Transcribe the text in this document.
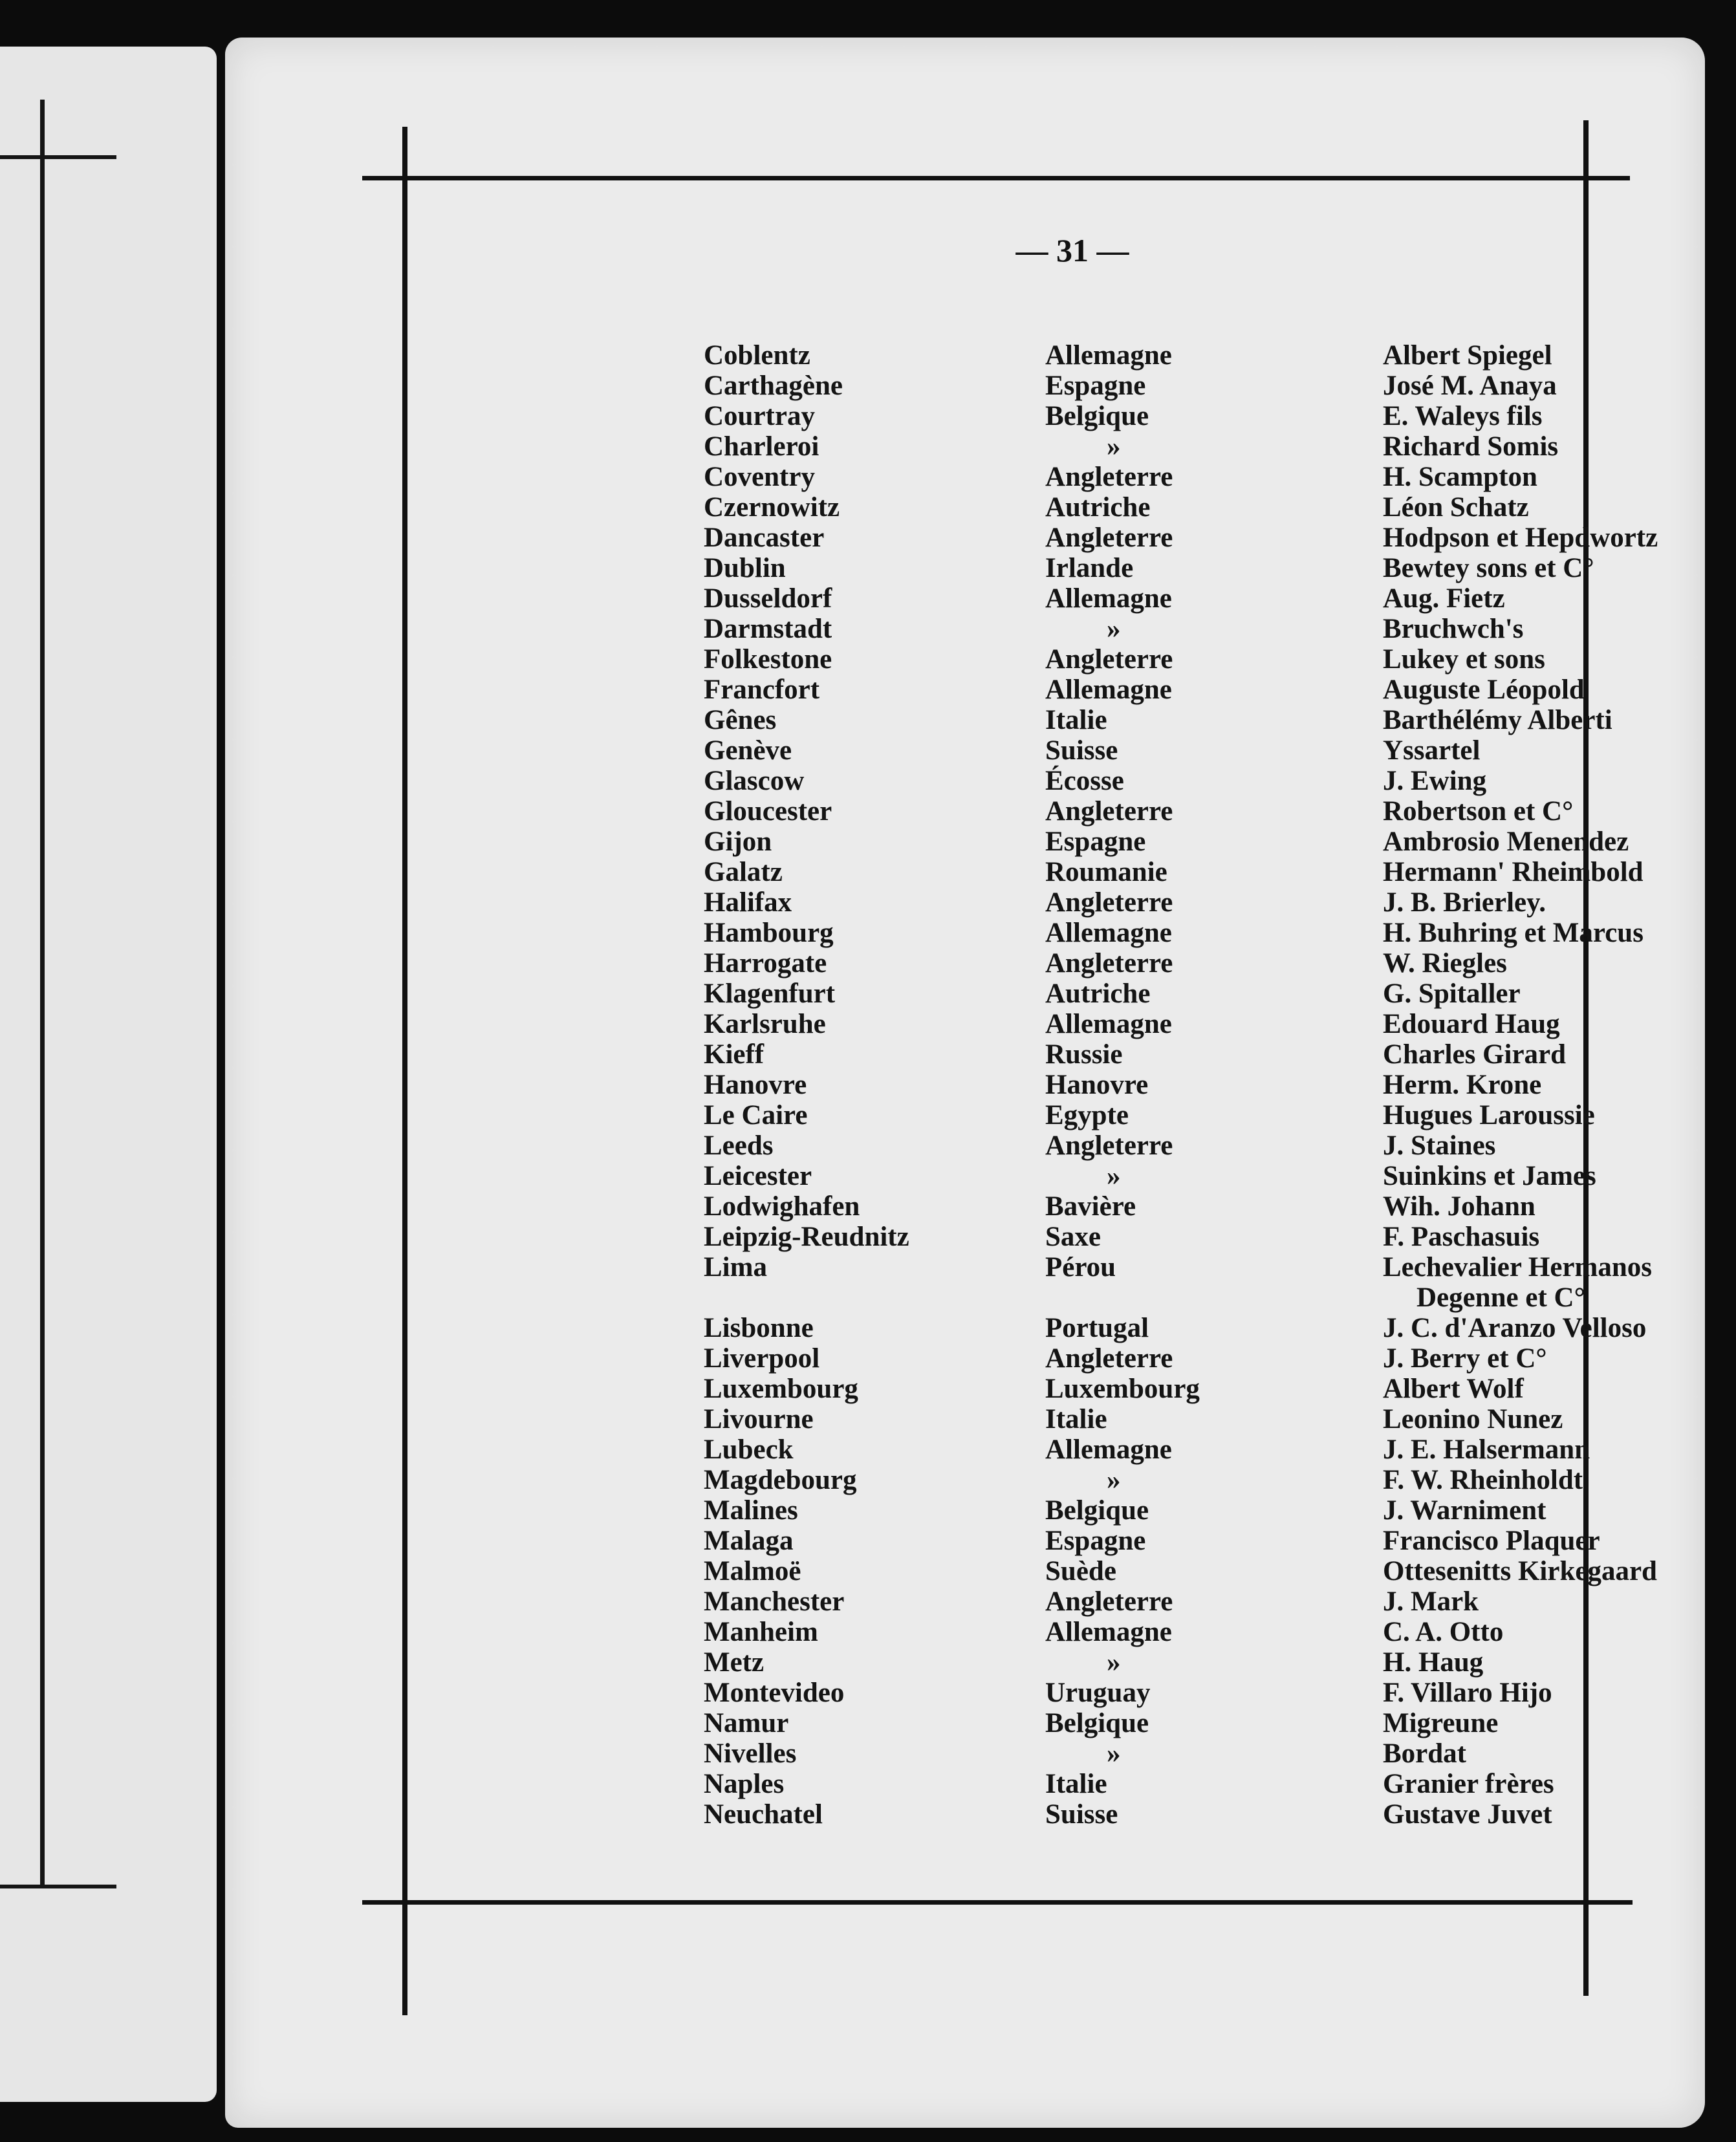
— 31 —
Coblentz
Carthagène
Courtray
Charleroi
Coventry
Czernowitz
Dancaster
Dublin
Dusseldorf
Darmstadt
Folkestone
Francfort
Gênes
Genève
Glascow
Gloucester
Gijon
Galatz
Halifax
Hambourg
Harrogate
Klagenfurt
Karlsruhe
Kieff
Hanovre
Le Caire
Leeds
Leicester
Lodwighafen
Leipzig-Reudnitz
Lima
Lisbonne
Liverpool
Luxembourg
Livourne
Lubeck
Magdebourg
Malines
Malaga
Malmoë
Manchester
Manheim
Metz
Montevideo
Namur
Nivelles
Naples
Neuchatel
Allemagne
Espagne
Belgique
»
Angleterre
Autriche
Angleterre
Irlande
Allemagne
»
Angleterre
Allemagne
Italie
Suisse
Écosse
Angleterre
Espagne
Roumanie
Angleterre
Allemagne
Angleterre
Autriche
Allemagne
Russie
Hanovre
Egypte
Angleterre
»
Bavière
Saxe
Pérou
Portugal
Angleterre
Luxembourg
Italie
Allemagne
»
Belgique
Espagne
Suède
Angleterre
Allemagne
»
Uruguay
Belgique
»
Italie
Suisse
Albert Spiegel
José M. Anaya
E. Waleys fils
Richard Somis
H. Scampton
Léon Schatz
Hodpson et Hepdwortz
Bewtey sons et C°
Aug. Fietz
Bruchwch's
Lukey et sons
Auguste Léopold
Barthélémy Alberti
Yssartel
J. Ewing
Robertson et C°
Ambrosio Menendez
Hermann' Rheimbold
J. B. Brierley.
H. Buhring et Marcus
W. Riegles
G. Spitaller
Edouard Haug
Charles Girard
Herm. Krone
Hugues Laroussie
J. Staines
Suinkins et James
Wih. Johann
F. Paschasuis
Lechevalier Hermanos
Degenne et C°
J. C. d'Aranzo Velloso
J. Berry et C°
Albert Wolf
Leonino Nunez
J. E. Halsermann
F. W. Rheinholdt
J. Warniment
Francisco Plaquer
Ottesenitts Kirkegaard
J. Mark
C. A. Otto
H. Haug
F. Villaro Hijo
Migreune
Bordat
Granier frères
Gustave Juvet
